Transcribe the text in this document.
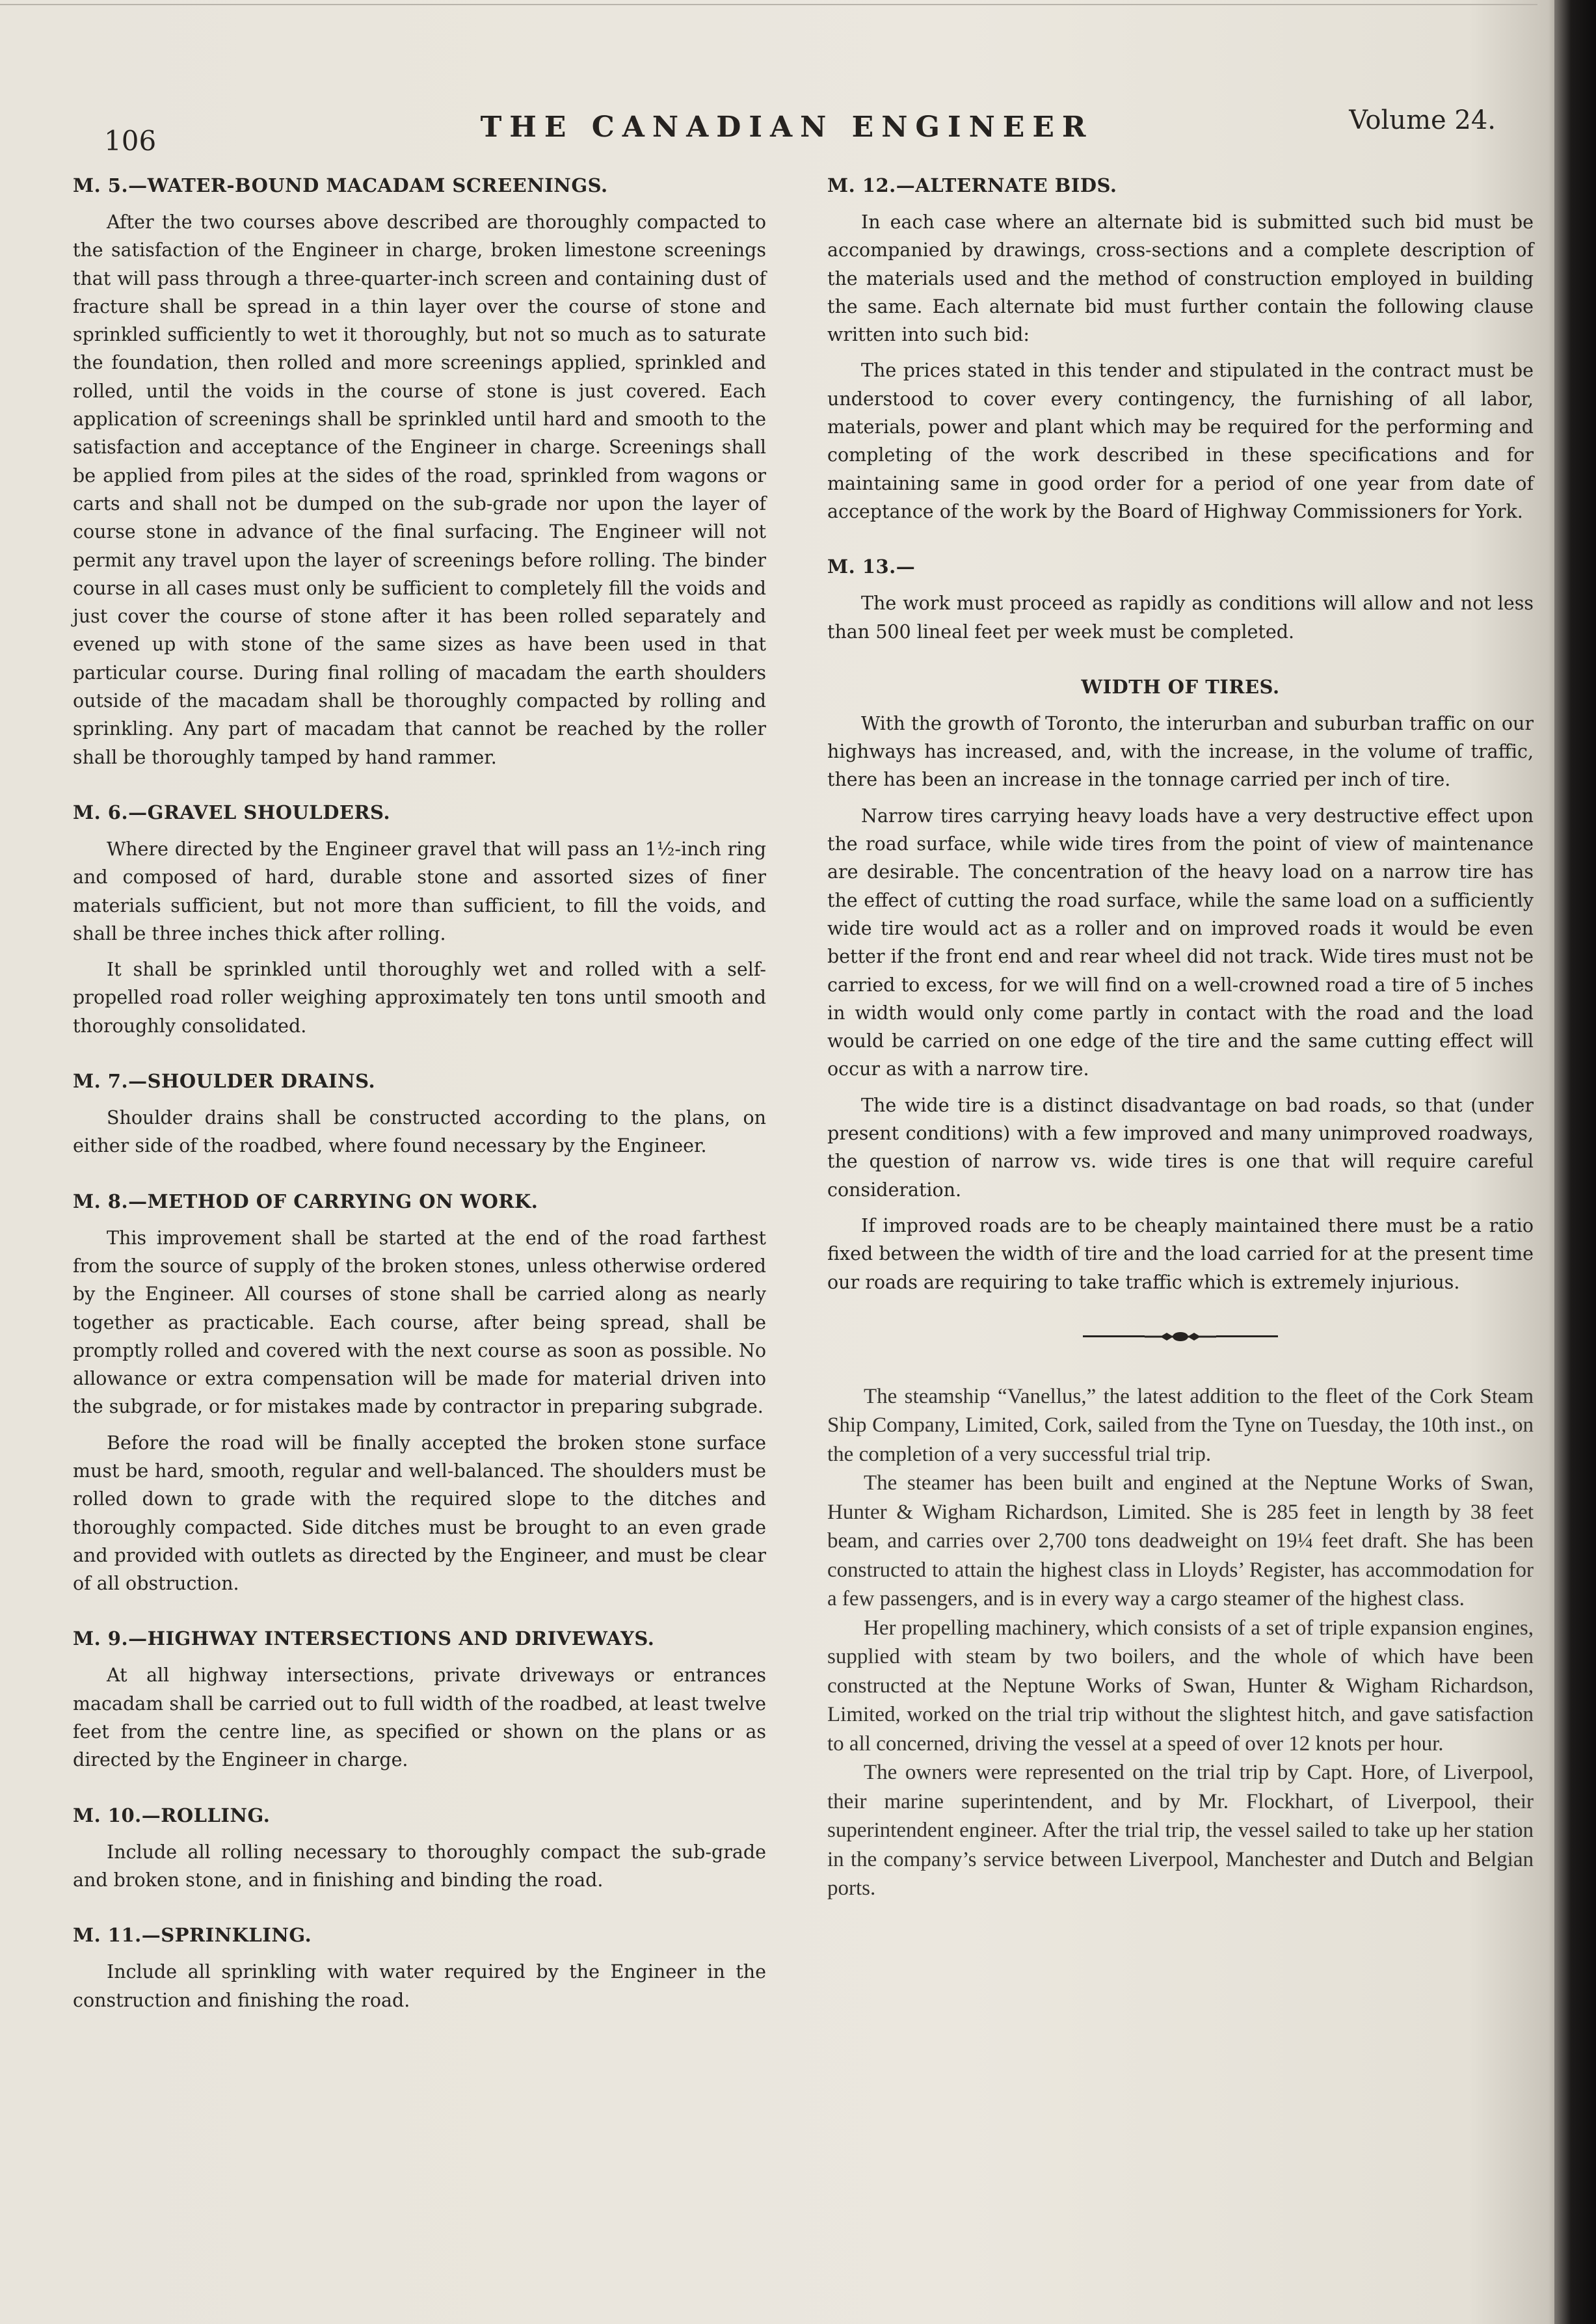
106	THE CANADIAN ENGINEER	Volume 24.
M. 5.—WATER-BOUND MACADAM SCREENINGS.

After the two courses above described are thoroughly compacted to the satisfaction of the Engineer in charge, broken limestone screenings that will pass through a three-quarter-inch screen and containing dust of fracture shall be spread in a thin layer over the course of stone and sprinkled sufficiently to wet it thoroughly, but not so much as to saturate the foundation, then rolled and more screenings applied, sprinkled and rolled, until the voids in the course of stone is just covered. Each application of screenings shall be sprinkled until hard and smooth to the satisfaction and acceptance of the Engineer in charge. Screenings shall be applied from piles at the sides of the road, sprinkled from wagons or carts and shall not be dumped on the sub-grade nor upon the layer of course stone in advance of the final surfacing. The Engineer will not permit any travel upon the layer of screenings before rolling. The binder course in all cases must only be sufficient to completely fill the voids and just cover the course of stone after it has been rolled separately and evened up with stone of the same sizes as have been used in that particular course. During final rolling of macadam the earth shoulders outside of the macadam shall be thoroughly compacted by rolling and sprinkling. Any part of macadam that cannot be reached by the roller shall be thoroughly tamped by hand rammer.

M. 6.—GRAVEL SHOULDERS.

Where directed by the Engineer gravel that will pass an 1½-inch ring and composed of hard, durable stone and assorted sizes of finer materials sufficient, but not more than sufficient, to fill the voids, and shall be three inches thick after rolling.

It shall be sprinkled until thoroughly wet and rolled with a self-propelled road roller weighing approximately ten tons until smooth and thoroughly consolidated.

M. 7.—SHOULDER DRAINS.

Shoulder drains shall be constructed according to the plans, on either side of the roadbed, where found necessary by the Engineer.

M. 8.—METHOD OF CARRYING ON WORK.

This improvement shall be started at the end of the road farthest from the source of supply of the broken stones, unless otherwise ordered by the Engineer. All courses of stone shall be carried along as nearly together as practicable. Each course, after being spread, shall be promptly rolled and covered with the next course as soon as possible. No allowance or extra compensation will be made for material driven into the subgrade, or for mistakes made by contractor in preparing subgrade.

Before the road will be finally accepted the broken stone surface must be hard, smooth, regular and well-balanced. The shoulders must be rolled down to grade with the required slope to the ditches and thoroughly compacted. Side ditches must be brought to an even grade and provided with outlets as directed by the Engineer, and must be clear of all obstruction.

M. 9.—HIGHWAY INTERSECTIONS AND DRIVEWAYS.

At all highway intersections, private driveways or entrances macadam shall be carried out to full width of the roadbed, at least twelve feet from the centre line, as specified or shown on the plans or as directed by the Engineer in charge.

M. 10.—ROLLING.

Include all rolling necessary to thoroughly compact the sub-grade and broken stone, and in finishing and binding the road.

M. 11.—SPRINKLING.

Include all sprinkling with water required by the Engineer in the construction and finishing the road.

M. 12.—ALTERNATE BIDS.

In each case where an alternate bid is submitted such bid must be accompanied by drawings, cross-sections and a complete description of the materials used and the method of construction employed in building the same. Each alternate bid must further contain the following clause written into such bid:

The prices stated in this tender and stipulated in the contract must be understood to cover every contingency, the furnishing of all labor, materials, power and plant which may be required for the performing and completing of the work described in these specifications and for maintaining same in good order for a period of one year from date of acceptance of the work by the Board of Highway Commissioners for York.

M. 13.—

The work must proceed as rapidly as conditions will allow and not less than 500 lineal feet per week must be completed.

WIDTH OF TIRES.

With the growth of Toronto, the interurban and suburban traffic on our highways has increased, and, with the increase, in the volume of traffic, there has been an increase in the tonnage carried per inch of tire.

Narrow tires carrying heavy loads have a very destructive effect upon the road surface, while wide tires from the point of view of maintenance are desirable. The concentration of the heavy load on a narrow tire has the effect of cutting the road surface, while the same load on a sufficiently wide tire would act as a roller and on improved roads it would be even better if the front end and rear wheel did not track. Wide tires must not be carried to excess, for we will find on a well-crowned road a tire of 5 inches in width would only come partly in contact with the road and the load would be carried on one edge of the tire and the same cutting effect will occur as with a narrow tire.

The wide tire is a distinct disadvantage on bad roads, so that (under present conditions) with a few improved and many unimproved roadways, the question of narrow vs. wide tires is one that will require careful consideration.

If improved roads are to be cheaply maintained there must be a ratio fixed between the width of tire and the load carried for at the present time our roads are requiring to take traffic which is extremely injurious.

The steamship “Vanellus,” the latest addition to the fleet of the Cork Steam Ship Company, Limited, Cork, sailed from the Tyne on Tuesday, the 10th inst., on the completion of a very successful trial trip.

The steamer has been built and engined at the Neptune Works of Swan, Hunter & Wigham Richardson, Limited. She is 285 feet in length by 38 feet beam, and carries over 2,700 tons deadweight on 19¼ feet draft. She has been constructed to attain the highest class in Lloyds’ Register, has accommodation for a few passengers, and is in every way a cargo steamer of the highest class.

Her propelling machinery, which consists of a set of triple expansion engines, supplied with steam by two boilers, and the whole of which have been constructed at the Neptune Works of Swan, Hunter & Wigham Richardson, Limited, worked on the trial trip without the slightest hitch, and gave satisfaction to all concerned, driving the vessel at a speed of over 12 knots per hour.

The owners were represented on the trial trip by Capt. Hore, of Liverpool, their marine superintendent, and by Mr. Flockhart, of Liverpool, their superintendent engineer. After the trial trip, the vessel sailed to take up her station in the company’s service between Liverpool, Manchester and Dutch and Belgian ports.
